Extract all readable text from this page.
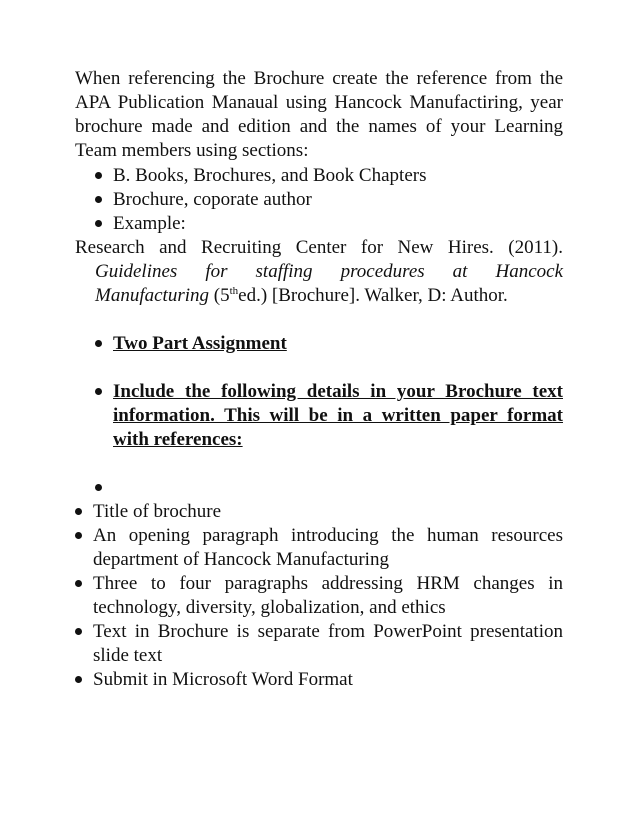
When referencing the Brochure create the reference from the APA Publication Manaual using Hancock Manufactiring, year brochure made and edition and the names of your Learning Team members using sections:

B. Books, Brochures, and Book Chapters
Brochure, coporate author
Example:

Research and Recruiting Center for New Hires. (2011). Guidelines for staffing procedures at Hancock Manufacturing (5thed.) [Brochure]. Walker, D: Author.

Two Part Assignment

Include the following details in your Brochure text information. This will be in a written paper format with references:

Title of brochure

An opening paragraph introducing the human resources department of Hancock Manufacturing

Three to four paragraphs addressing HRM changes in technology, diversity, globalization, and ethics

Text in Brochure is separate from PowerPoint presentation slide text

Submit in Microsoft Word Format
